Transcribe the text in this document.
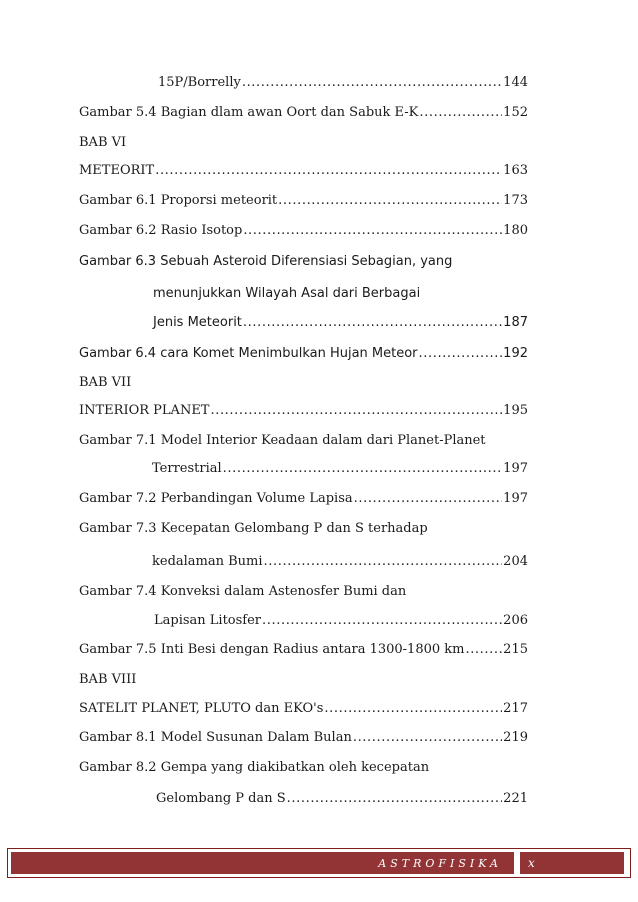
15P/Borrelly .....	144
Gambar 5.4 Bagian dlam awan Oort dan Sabuk E-K .....	152
BAB VI
METEORIT .....	163
Gambar 6.1 Proporsi meteorit .....	173
Gambar 6.2 Rasio Isotop .....	180
Gambar 6.3 Sebuah Asteroid Diferensiasi Sebagian, yang
menunjukkan Wilayah Asal dari Berbagai
Jenis Meteorit .....	187
Gambar 6.4 cara Komet Menimbulkan Hujan Meteor .....	192
BAB VII
INTERIOR PLANET .....	195
Gambar 7.1 Model Interior Keadaan dalam dari Planet-Planet
Terrestrial .....	197
Gambar 7.2 Perbandingan Volume Lapisa .....	197
Gambar 7.3 Kecepatan Gelombang P dan S terhadap
kedalaman Bumi .....	204
Gambar 7.4 Konveksi dalam Astenosfer Bumi dan
Lapisan Litosfer .....	206
Gambar 7.5 Inti Besi dengan Radius antara 1300-1800 km .....	215
BAB VIII
SATELIT PLANET, PLUTO dan EKO's .....	217
Gambar 8.1 Model Susunan Dalam Bulan .....	219
Gambar 8.2 Gempa yang diakibatkan oleh kecepatan
Gelombang P dan S .....	221
ASTROFISIKA x
